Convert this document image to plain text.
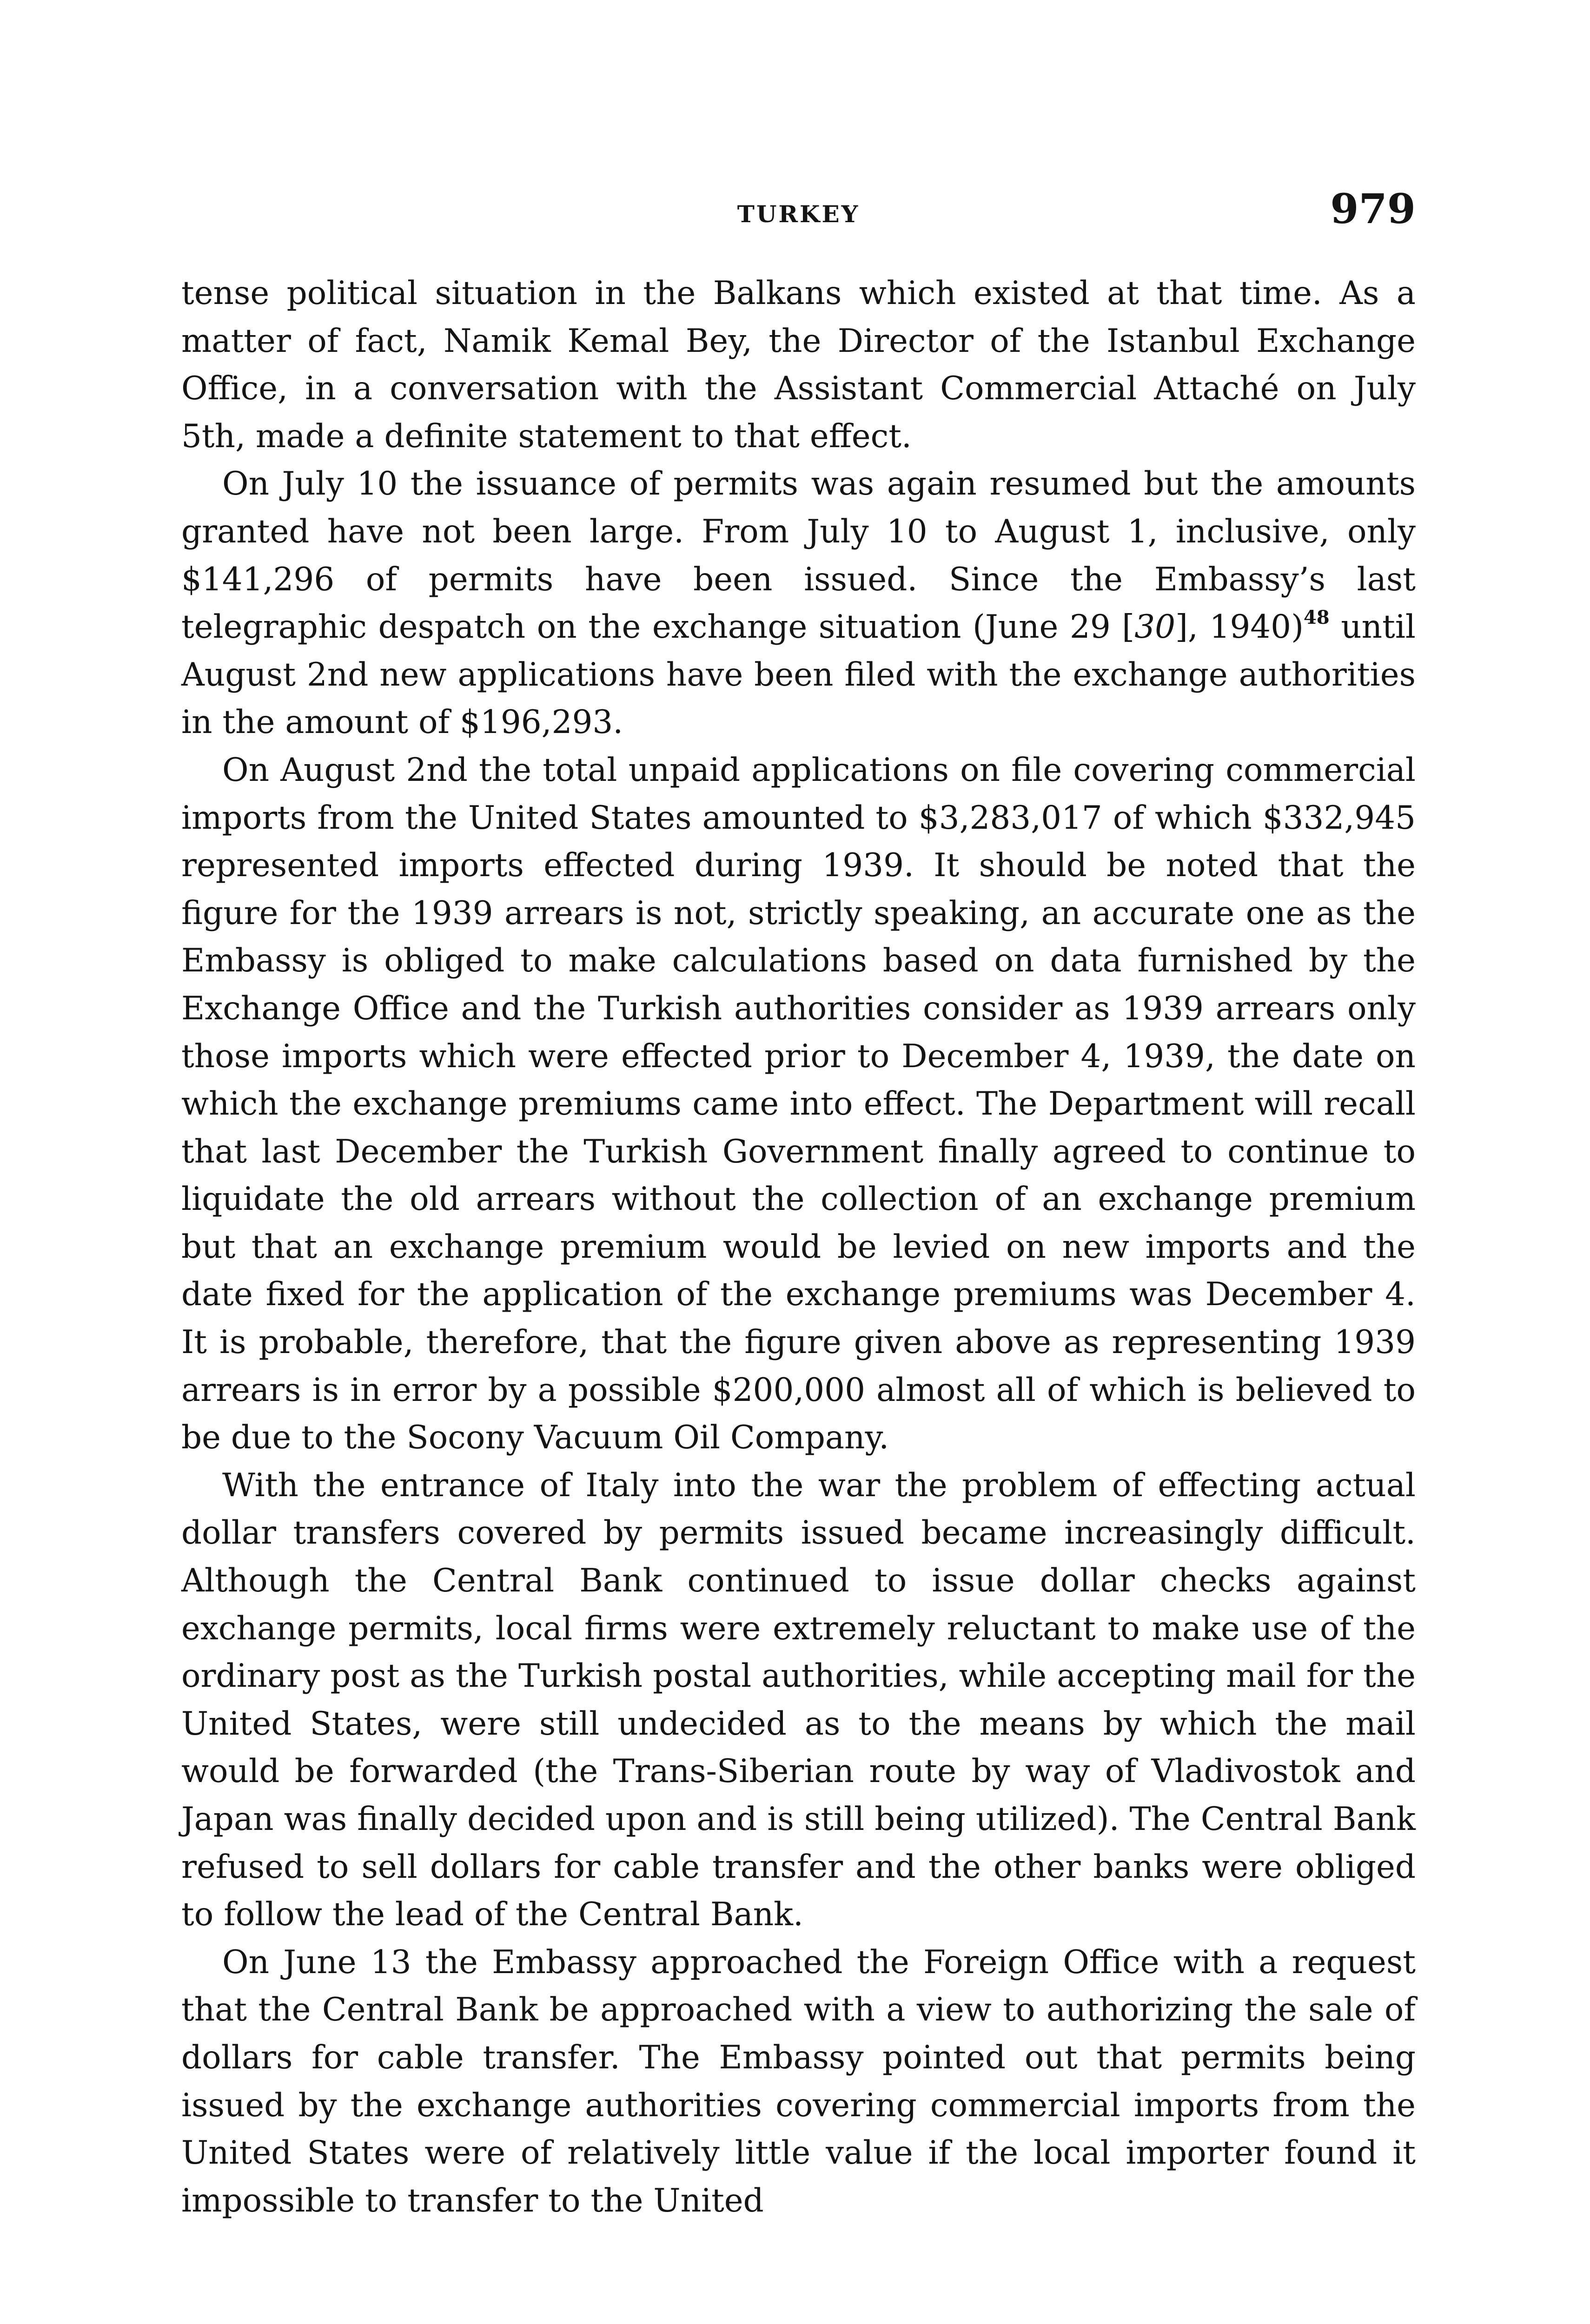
TURKEY	979

tense political situation in the Balkans which existed at that time. As a matter of fact, Namik Kemal Bey, the Director of the Istanbul Exchange Office, in a conversation with the Assistant Commercial Attaché on July 5th, made a definite statement to that effect.

On July 10 the issuance of permits was again resumed but the amounts granted have not been large. From July 10 to August 1, inclusive, only $141,296 of permits have been issued. Since the Embassy’s last telegraphic despatch on the exchange situation (June 29 [30], 1940)$^{48}$ until August 2nd new applications have been filed with the exchange authorities in the amount of $196,293.

On August 2nd the total unpaid applications on file covering commercial imports from the United States amounted to $3,283,017 of which $332,945 represented imports effected during 1939. It should be noted that the figure for the 1939 arrears is not, strictly speaking, an accurate one as the Embassy is obliged to make calculations based on data furnished by the Exchange Office and the Turkish authorities consider as 1939 arrears only those imports which were effected prior to December 4, 1939, the date on which the exchange premiums came into effect. The Department will recall that last December the Turkish Government finally agreed to continue to liquidate the old arrears without the collection of an exchange premium but that an exchange premium would be levied on new imports and the date fixed for the application of the exchange premiums was December 4. It is probable, therefore, that the figure given above as representing 1939 arrears is in error by a possible $200,000 almost all of which is believed to be due to the Socony Vacuum Oil Company.

With the entrance of Italy into the war the problem of effecting actual dollar transfers covered by permits issued became increasingly difficult. Although the Central Bank continued to issue dollar checks against exchange permits, local firms were extremely reluctant to make use of the ordinary post as the Turkish postal authorities, while accepting mail for the United States, were still undecided as to the means by which the mail would be forwarded (the Trans-Siberian route by way of Vladivostok and Japan was finally decided upon and is still being utilized). The Central Bank refused to sell dollars for cable transfer and the other banks were obliged to follow the lead of the Central Bank.

On June 13 the Embassy approached the Foreign Office with a request that the Central Bank be approached with a view to authorizing the sale of dollars for cable transfer. The Embassy pointed out that permits being issued by the exchange authorities covering commercial imports from the United States were of relatively little value if the local importer found it impossible to transfer to the United
